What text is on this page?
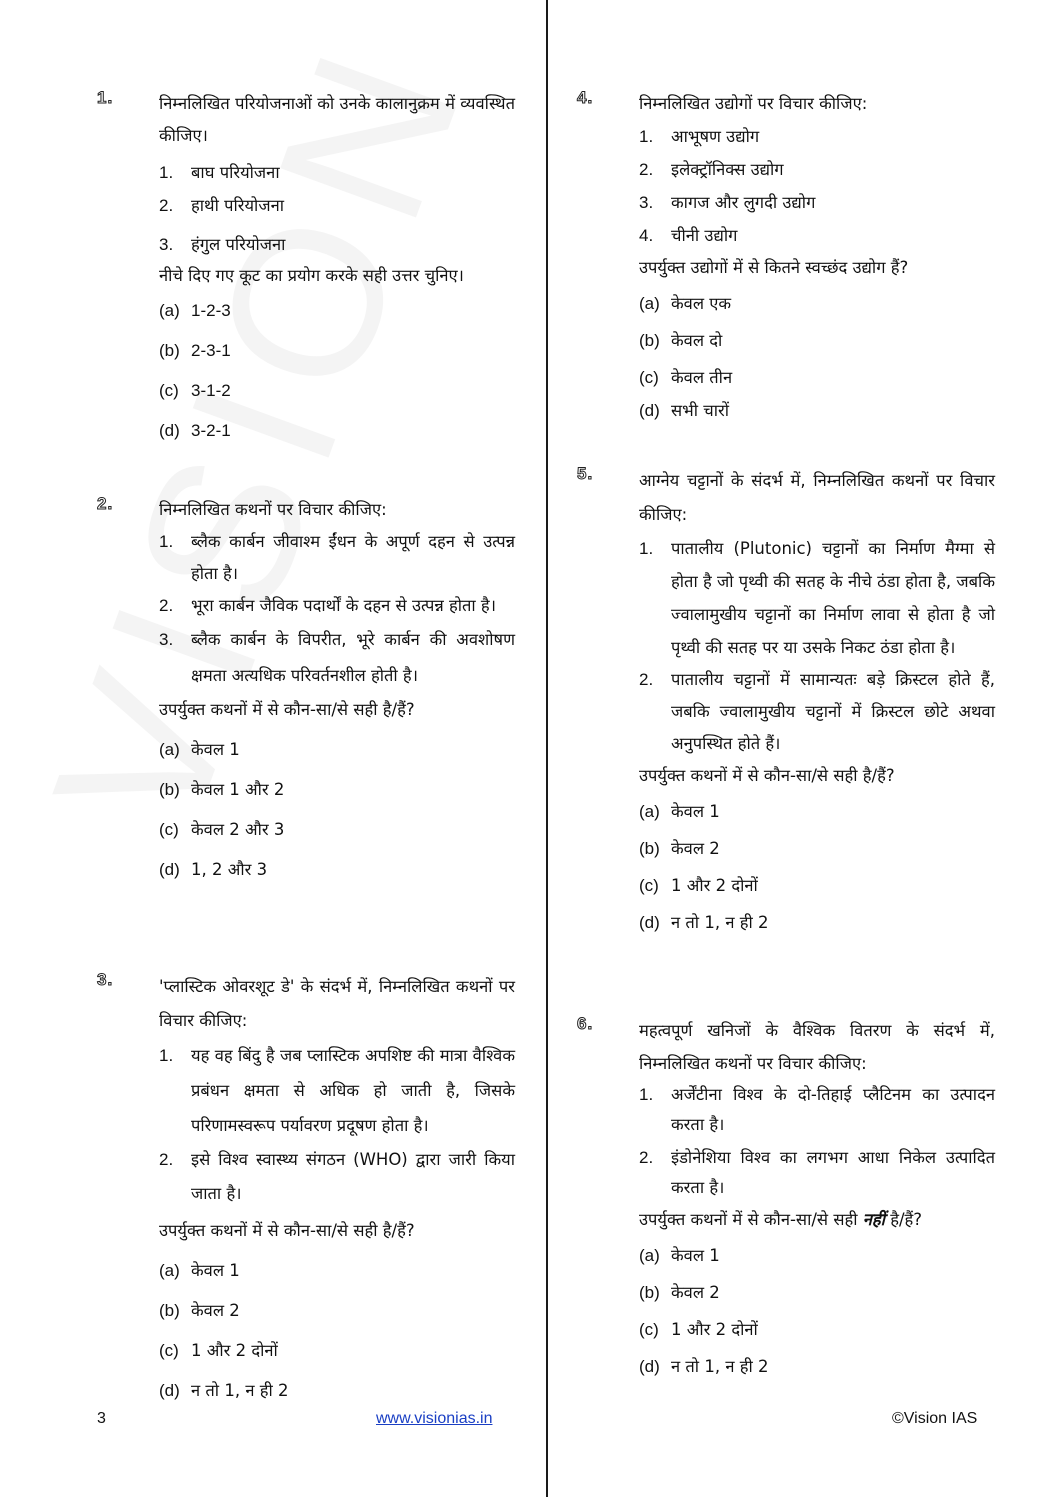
1.	निम्नलिखित परियोजनाओं को उनके कालानुक्रम में व्यवस्थित कीजिए।
1. बाघ परियोजना
2. हाथी परियोजना
3. हंगुल परियोजना
नीचे दिए गए कूट का प्रयोग करके सही उत्तर चुनिए।
(a) 1-2-3
(b) 2-3-1
(c) 3-1-2
(d) 3-2-1
2.	निम्नलिखित कथनों पर विचार कीजिए:
1. ब्लैक कार्बन जीवाश्म ईंधन के अपूर्ण दहन से उत्पन्न होता है।
2. भूरा कार्बन जैविक पदार्थों के दहन से उत्पन्न होता है।
3. ब्लैक कार्बन के विपरीत, भूरे कार्बन की अवशोषण क्षमता अत्यधिक परिवर्तनशील होती है।
उपर्युक्त कथनों में से कौन-सा/से सही है/हैं?
(a) केवल 1
(b) केवल 1 और 2
(c) केवल 2 और 3
(d) 1, 2 और 3
3.	'प्लास्टिक ओवरशूट डे' के संदर्भ में, निम्नलिखित कथनों पर विचार कीजिए:
1. यह वह बिंदु है जब प्लास्टिक अपशिष्ट की मात्रा वैश्विक प्रबंधन क्षमता से अधिक हो जाती है, जिसके परिणामस्वरूप पर्यावरण प्रदूषण होता है।
2. इसे विश्व स्वास्थ्य संगठन (WHO) द्वारा जारी किया जाता है।
उपर्युक्त कथनों में से कौन-सा/से सही है/हैं?
(a) केवल 1
(b) केवल 2
(c) 1 और 2 दोनों
(d) न तो 1, न ही 2
4.	निम्नलिखित उद्योगों पर विचार कीजिए:
1. आभूषण उद्योग
2. इलेक्ट्रॉनिक्स उद्योग
3. कागज और लुगदी उद्योग
4. चीनी उद्योग
उपर्युक्त उद्योगों में से कितने स्वच्छंद उद्योग हैं?
(a) केवल एक
(b) केवल दो
(c) केवल तीन
(d) सभी चारों
5.	आग्नेय चट्टानों के संदर्भ में, निम्नलिखित कथनों पर विचार कीजिए:
1. पातालीय (Plutonic) चट्टानों का निर्माण मैग्मा से होता है जो पृथ्वी की सतह के नीचे ठंडा होता है, जबकि ज्वालामुखीय चट्टानों का निर्माण लावा से होता है जो पृथ्वी की सतह पर या उसके निकट ठंडा होता है।
2. पातालीय चट्टानों में सामान्यतः बड़े क्रिस्टल होते हैं, जबकि ज्वालामुखीय चट्टानों में क्रिस्टल छोटे अथवा अनुपस्थित होते हैं।
उपर्युक्त कथनों में से कौन-सा/से सही है/हैं?
(a) केवल 1
(b) केवल 2
(c) 1 और 2 दोनों
(d) न तो 1, न ही 2
6.	महत्वपूर्ण खनिजों के वैश्विक वितरण के संदर्भ में, निम्नलिखित कथनों पर विचार कीजिए:
1. अर्जेंटीना विश्व के दो-तिहाई प्लैटिनम का उत्पादन करता है।
2. इंडोनेशिया विश्व का लगभग आधा निकेल उत्पादित करता है।
उपर्युक्त कथनों में से कौन-सा/से सही नहीं है/हैं?
(a) केवल 1
(b) केवल 2
(c) 1 और 2 दोनों
(d) न तो 1, न ही 2
3	www.visionias.in	©Vision IAS
